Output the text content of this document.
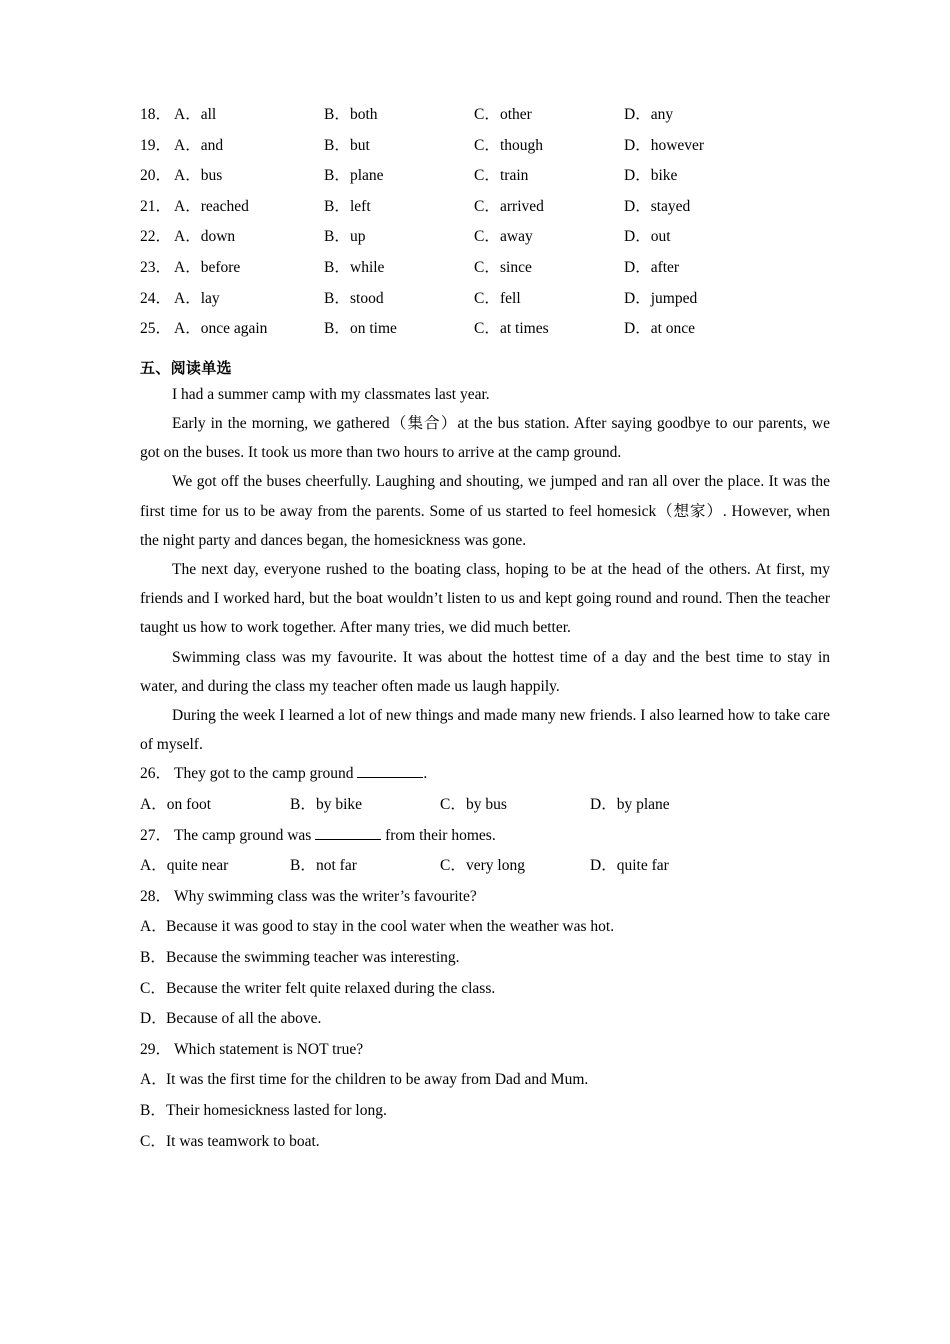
18． A． all	B． both	C． other	D． any
19． A． and	B． but	C． though	D． however
20． A． bus	B． plane	C． train	D． bike
21． A． reached	B． left	C． arrived	D． stayed
22． A． down	B． up	C． away	D． out
23． A． before	B． while	C． since	D． after
24． A． lay	B． stood	C． fell	D． jumped
25． A． once again	B． on time	C． at times	D． at once
五、阅读单选

I had a summer camp with my classmates last year.

Early in the morning, we gathered（集合）at the bus station. After saying goodbye to our parents, we got on the buses. It took us more than two hours to arrive at the camp ground.

We got off the buses cheerfully. Laughing and shouting, we jumped and ran all over the place. It was the first time for us to be away from the parents. Some of us started to feel homesick（想家）. However, when the night party and dances began, the homesickness was gone.

The next day, everyone rushed to the boating class, hoping to be at the head of the others. At first, my friends and I worked hard, but the boat wouldn’t listen to us and kept going round and round. Then the teacher taught us how to work together. After many tries, we did much better.

Swimming class was my favourite. It was about the hottest time of a day and the best time to stay in water, and during the class my teacher often made us laugh happily.

During the week I learned a lot of new things and made many new friends. I also learned how to take care of myself.

26． They got to the camp ground	.
A． on foot	B． by bike	C． by bus	D． by plane
27． The camp ground was	from their homes.
A． quite near	B． not far	C． very long	D． quite far
28． Why swimming class was the writer’s favourite?
A．Because it was good to stay in the cool water when the weather was hot.
B．Because the swimming teacher was interesting.
C．Because the writer felt quite relaxed during the class.
D．Because of all the above.
29． Which statement is NOT true?
A．It was the first time for the children to be away from Dad and Mum.
B．Their homesickness lasted for long.
C．It was teamwork to boat.
